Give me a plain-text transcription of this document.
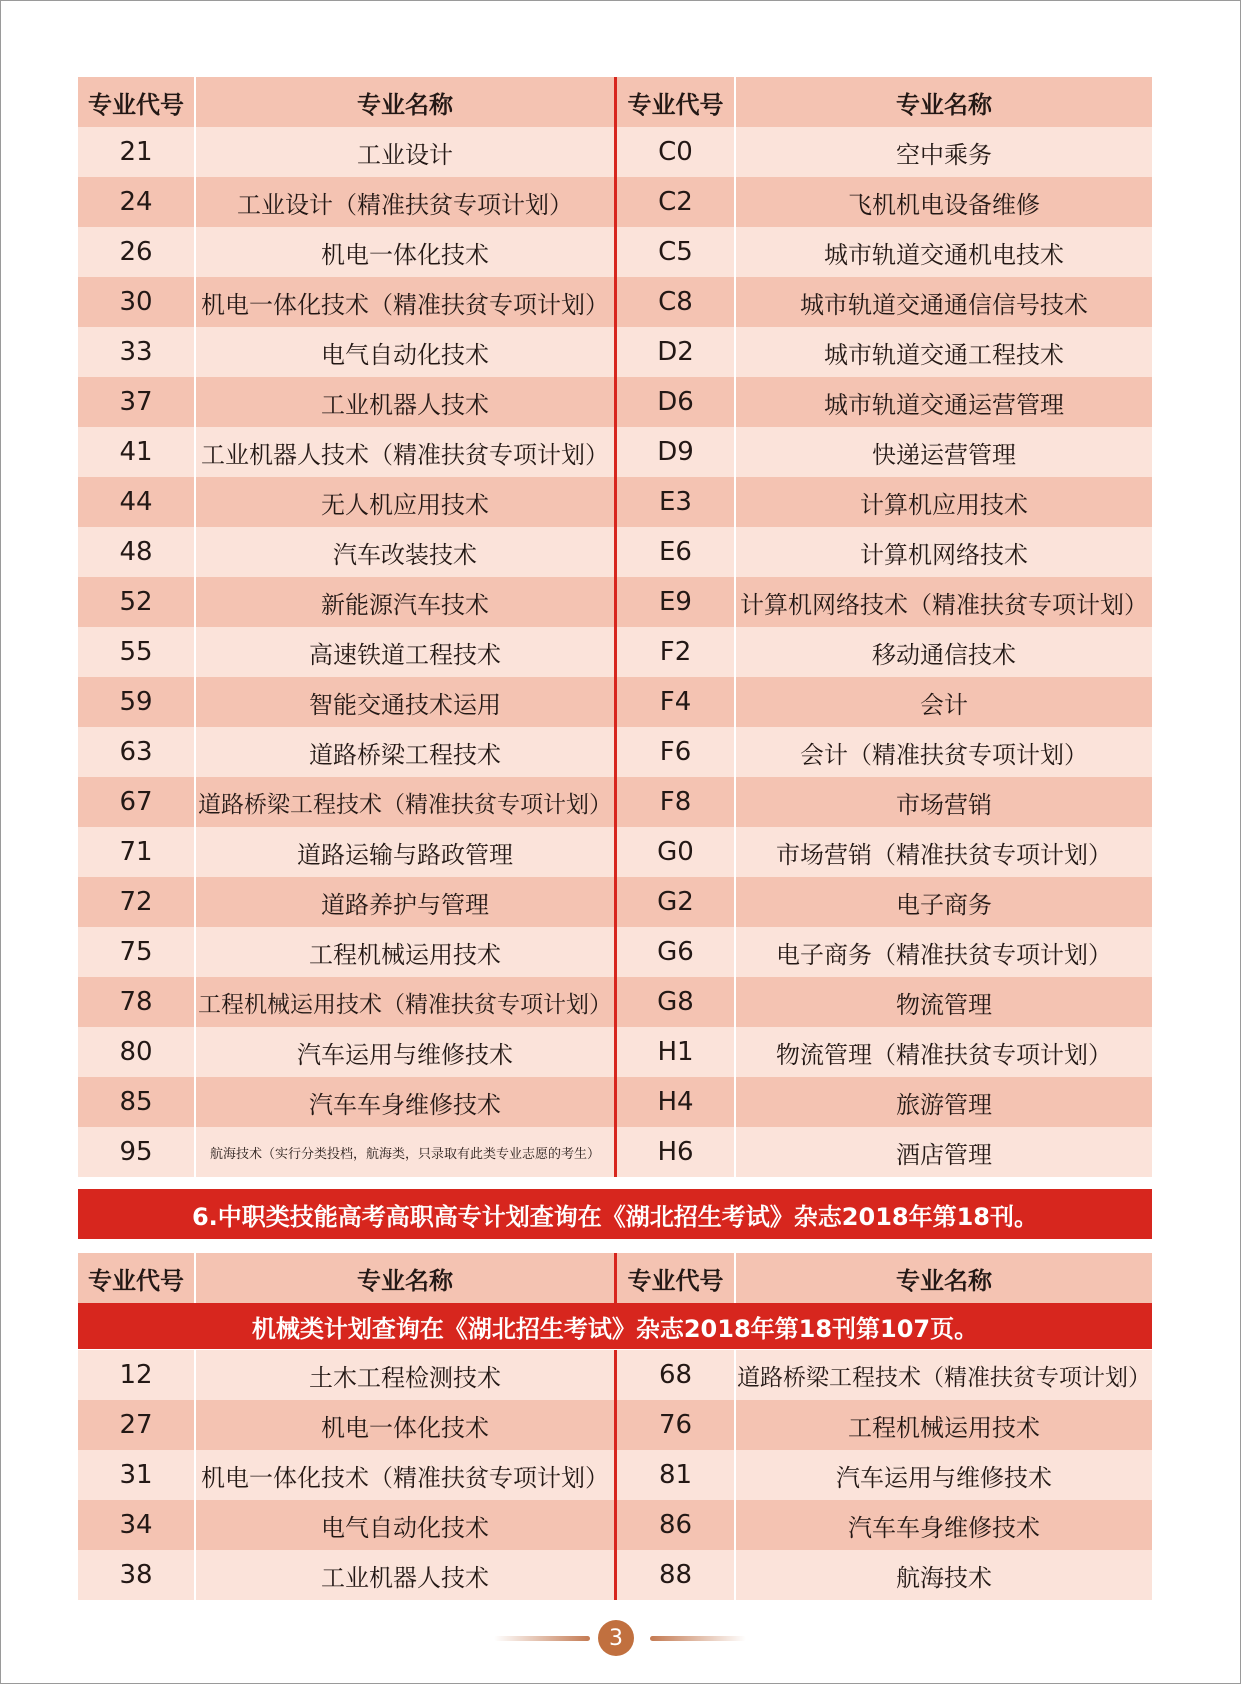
专业代号	专业名称	专业代号	专业名称
21	工业设计	C0	空中乘务
24	工业设计（精准扶贫专项计划）	C2	飞机机电设备维修
26	机电一体化技术	C5	城市轨道交通机电技术
30	机电一体化技术（精准扶贫专项计划）	C8	城市轨道交通通信信号技术
33	电气自动化技术	D2	城市轨道交通工程技术
37	工业机器人技术	D6	城市轨道交通运营管理
41	工业机器人技术（精准扶贫专项计划）	D9	快递运营管理
44	无人机应用技术	E3	计算机应用技术
48	汽车改装技术	E6	计算机网络技术
52	新能源汽车技术	E9	计算机网络技术（精准扶贫专项计划）
55	高速铁道工程技术	F2	移动通信技术
59	智能交通技术运用	F4	会计
63	道路桥梁工程技术	F6	会计（精准扶贫专项计划）
67	道路桥梁工程技术（精准扶贫专项计划）	F8	市场营销
71	道路运输与路政管理	G0	市场营销（精准扶贫专项计划）
72	道路养护与管理	G2	电子商务
75	工程机械运用技术	G6	电子商务（精准扶贫专项计划）
78	工程机械运用技术（精准扶贫专项计划）	G8	物流管理
80	汽车运用与维修技术	H1	物流管理（精准扶贫专项计划）
85	汽车车身维修技术	H4	旅游管理
95	航海技术（实行分类投档，航海类，只录取有此类专业志愿的考生）	H6	酒店管理
6.中职类技能高考高职高专计划查询在《湖北招生考试》杂志2018年第18刊。
专业代号	专业名称	专业代号	专业名称
机械类计划查询在《湖北招生考试》杂志2018年第18刊第107页。
12	土木工程检测技术	68	道路桥梁工程技术（精准扶贫专项计划）
27	机电一体化技术	76	工程机械运用技术
31	机电一体化技术（精准扶贫专项计划）	81	汽车运用与维修技术
34	电气自动化技术	86	汽车车身维修技术
38	工业机器人技术	88	航海技术
3
